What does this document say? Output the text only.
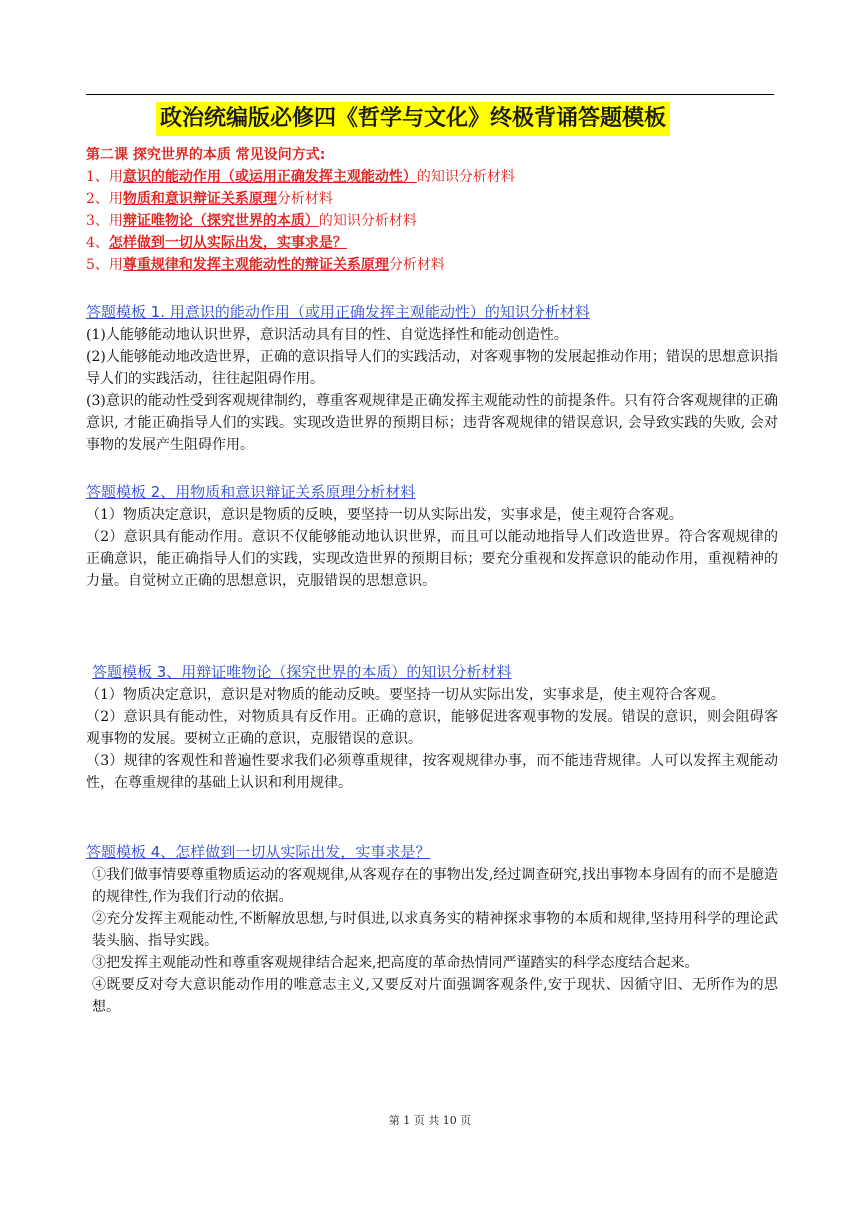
政治统编版必修四《哲学与文化》终极背诵答题模板
第二课 探究世界的本质 常见设问方式:
1、用意识的能动作用（或运用正确发挥主观能动性）的知识分析材料
2、用物质和意识辩证关系原理分析材料
3、用辩证唯物论（探究世界的本质）的知识分析材料
4、怎样做到一切从实际出发，实事求是？
5、用尊重规律和发挥主观能动性的辩证关系原理分析材料
答题模板 1. 用意识的能动作用（或用正确发挥主观能动性）的知识分析材料

(1)人能够能动地认识世界，意识活动具有目的性、自觉选择性和能动创造性。

(2)人能够能动地改造世界，正确的意识指导人们的实践活动，对客观事物的发展起推动作用；错误的思想意识指导人们的实践活动，往往起阻碍作用。

(3)意识的能动性受到客观规律制约，尊重客观规律是正确发挥主观能动性的前提条件。只有符合客观规律的正确意识, 才能正确指导人们的实践。实现改造世界的预期目标；违背客观规律的错误意识, 会导致实践的失败, 会对事物的发展产生阻碍作用。

答题模板 2、用物质和意识辩证关系原理分析材料

（1）物质决定意识，意识是物质的反映，要坚持一切从实际出发，实事求是，使主观符合客观。

（2）意识具有能动作用。意识不仅能够能动地认识世界，而且可以能动地指导人们改造世界。符合客观规律的正确意识，能正确指导人们的实践，实现改造世界的预期目标；要充分重视和发挥意识的能动作用，重视精神的力量。自觉树立正确的思想意识，克服错误的思想意识。

答题模板 3、用辩证唯物论（探究世界的本质）的知识分析材料

（1）物质决定意识，意识是对物质的能动反映。要坚持一切从实际出发，实事求是，使主观符合客观。

（2）意识具有能动性，对物质具有反作用。正确的意识，能够促进客观事物的发展。错误的意识，则会阻碍客观事物的发展。要树立正确的意识，克服错误的意识。

（3）规律的客观性和普遍性要求我们必须尊重规律，按客观规律办事，而不能违背规律。人可以发挥主观能动性，在尊重规律的基础上认识和利用规律。

答题模板 4、怎样做到一切从实际出发，实事求是？

①我们做事情要尊重物质运动的客观规律,从客观存在的事物出发,经过调查研究,找出事物本身固有的而不是臆造的规律性,作为我们行动的依据。

②充分发挥主观能动性,不断解放思想,与时俱进,以求真务实的精神探求事物的本质和规律,坚持用科学的理论武装头脑、指导实践。

③把发挥主观能动性和尊重客观规律结合起来,把高度的革命热情同严谨踏实的科学态度结合起来。

④既要反对夸大意识能动作用的唯意志主义,又要反对片面强调客观条件,安于现状、因循守旧、无所作为的思想。

第 1 页 共 10 页
